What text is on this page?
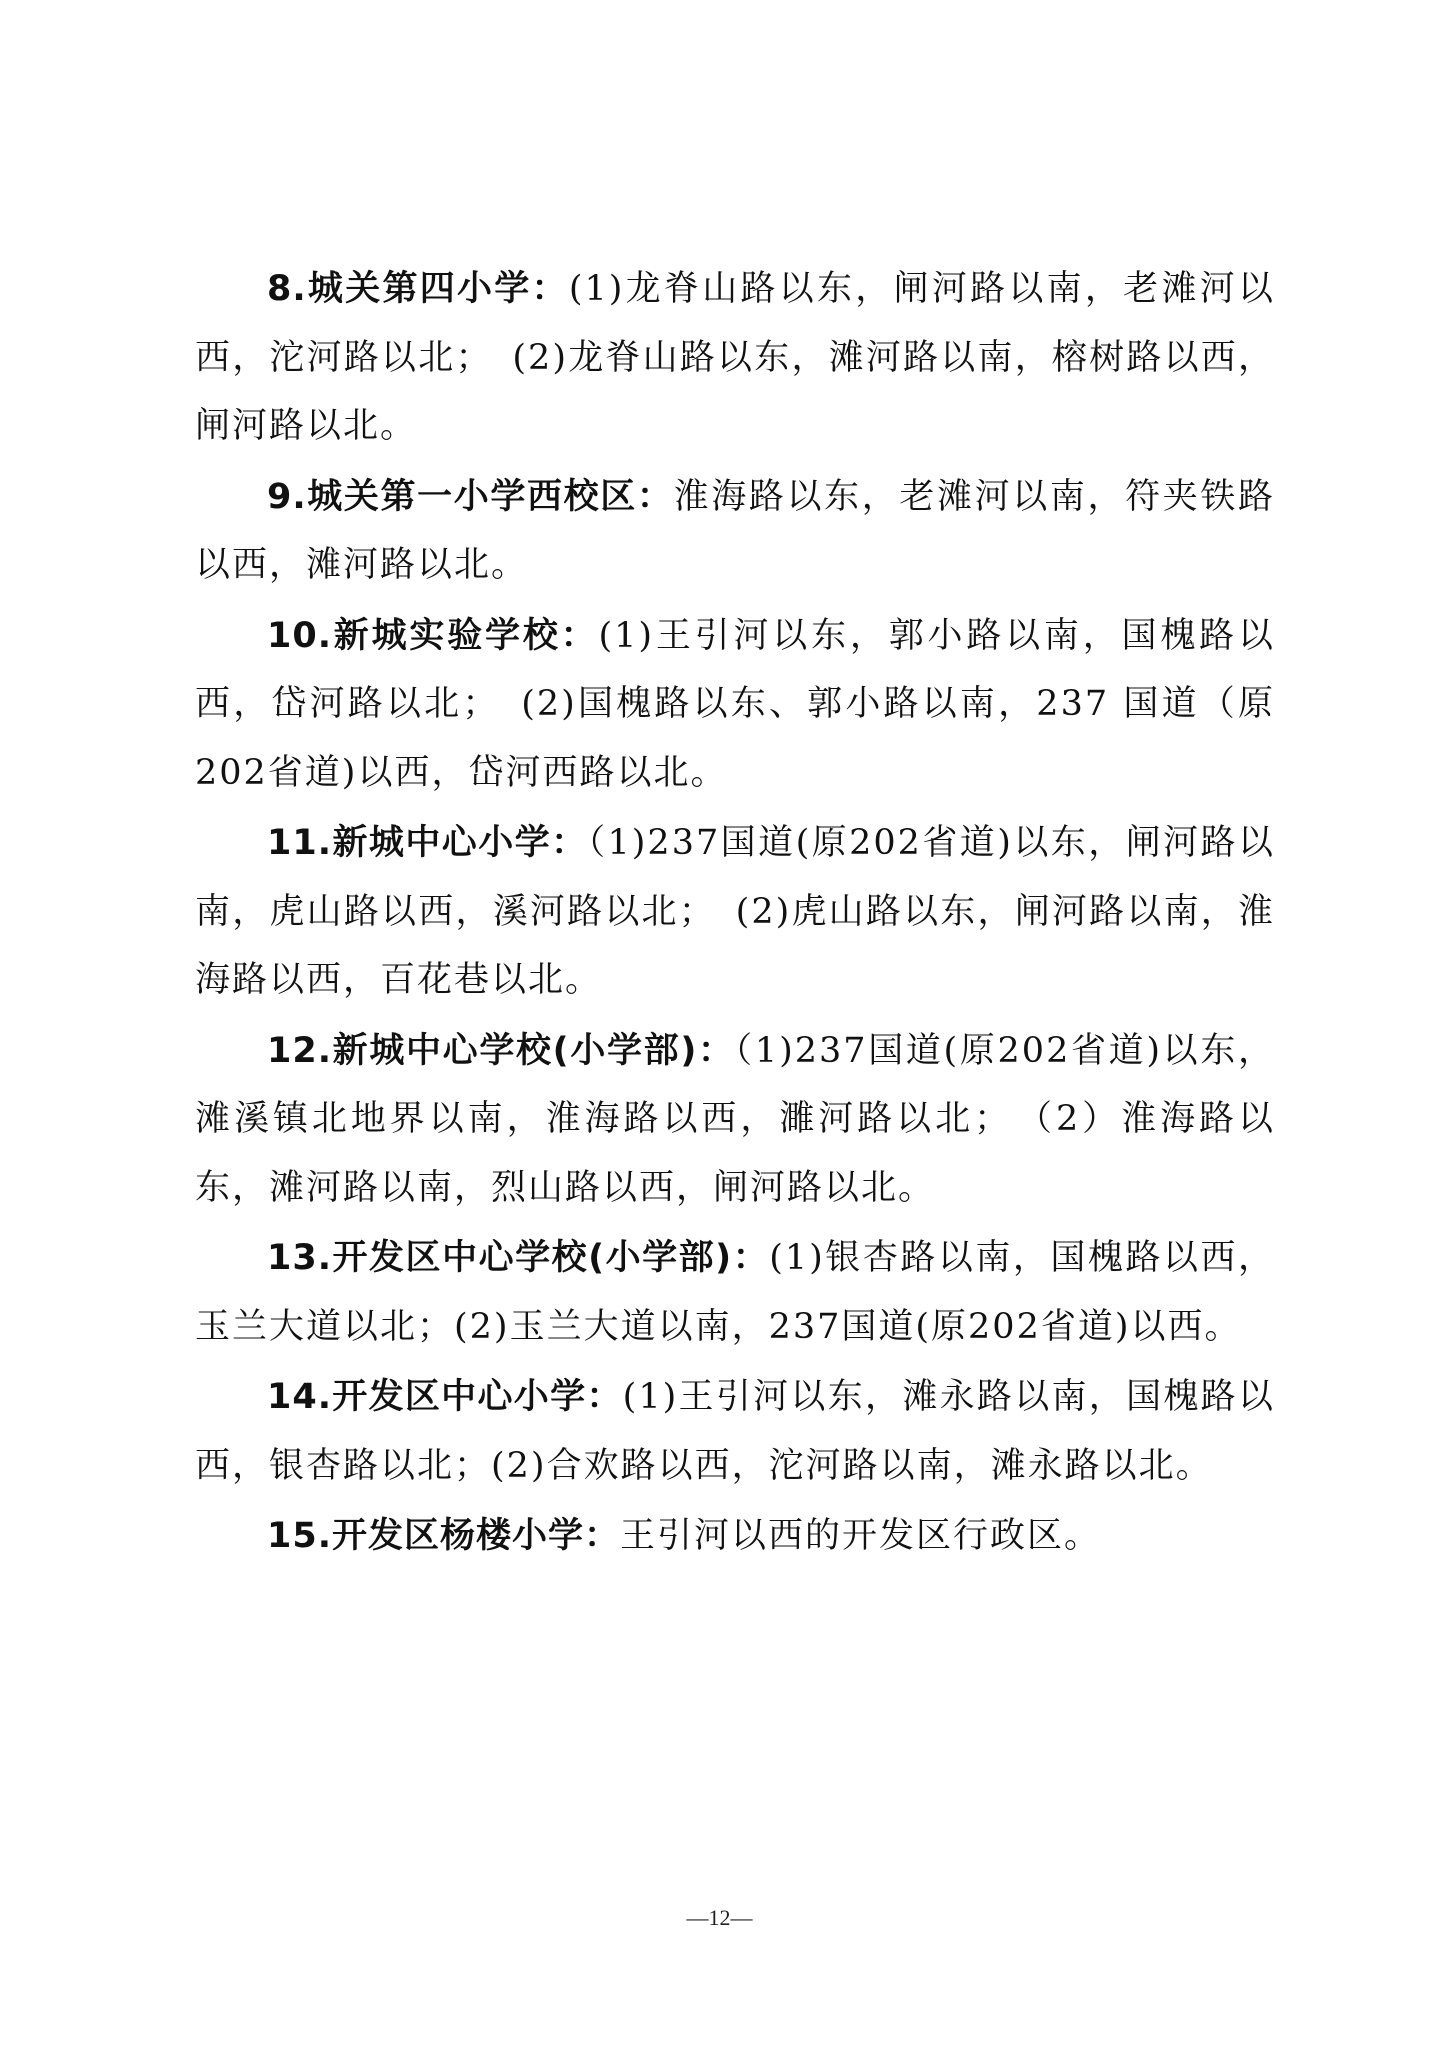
8.城关第四小学：(1)龙脊山路以东，闸河路以南，老滩河以西，沱河路以北；　(2)龙脊山路以东，滩河路以南，榕树路以西，闸河路以北。

9.城关第一小学西校区：淮海路以东，老滩河以南，符夹铁路以西，滩河路以北。

10.新城实验学校：(1)王引河以东，郭小路以南，国槐路以西，岱河路以北；　(2)国槐路以东、郭小路以南，237 国道（原202省道)以西，岱河西路以北。

11.新城中心小学：（1)237国道(原202省道)以东，闸河路以南，虎山路以西，溪河路以北；　(2)虎山路以东，闸河路以南，淮海路以西，百花巷以北。

12.新城中心学校(小学部)：（1)237国道(原202省道)以东，滩溪镇北地界以南，淮海路以西，濉河路以北；　（2）淮海路以东，滩河路以南，烈山路以西，闸河路以北。

13.开发区中心学校(小学部)：(1)银杏路以南，国槐路以西，玉兰大道以北；(2)玉兰大道以南，237国道(原202省道)以西。

14.开发区中心小学：(1)王引河以东，滩永路以南，国槐路以西，银杏路以北；(2)合欢路以西，沱河路以南，滩永路以北。

15.开发区杨楼小学：王引河以西的开发区行政区。

—12—
